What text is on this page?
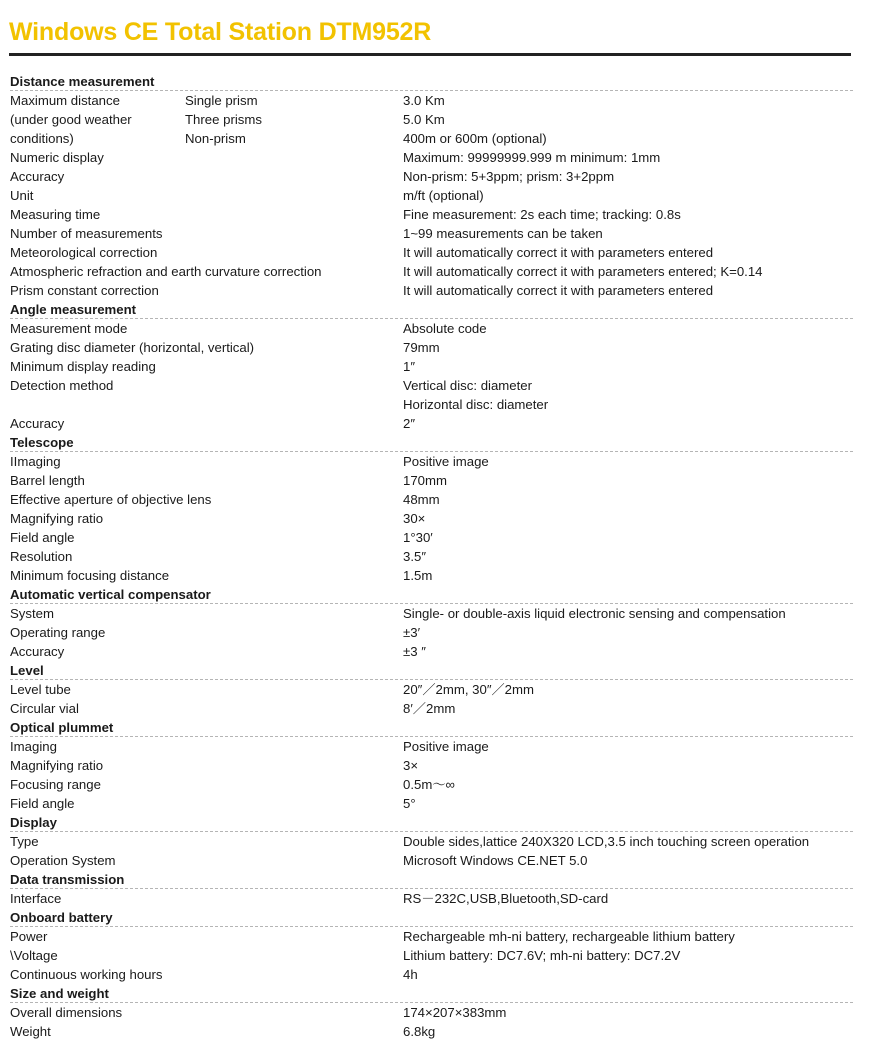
Windows CE Total Station DTM952R
Distance measurement
Maximum distance	Single prism	3.0 Km
(under good weather	Three prisms	5.0 Km
conditions)	Non-prism	400m or 600m (optional)
Numeric display	Maximum: 99999999.999 m minimum: 1mm
Accuracy	Non-prism: 5+3ppm; prism: 3+2ppm
Unit	m/ft (optional)
Measuring time	Fine measurement: 2s each time; tracking: 0.8s
Number of measurements	1~99 measurements can be taken
Meteorological correction	It will automatically correct it with parameters entered
Atmospheric refraction and earth curvature correction	It will automatically correct it with parameters entered; K=0.14
Prism constant correction	It will automatically correct it with parameters entered
Angle measurement
Measurement mode	Absolute code
Grating disc diameter (horizontal, vertical)	79mm
Minimum display reading	1″
Detection method	Vertical disc: diameter
Horizontal disc: diameter
Accuracy	2″
Telescope
IImaging	Positive image
Barrel length	170mm
Effective aperture of objective lens	48mm
Magnifying ratio	30×
Field angle	1°30′
Resolution	3.5″
Minimum focusing distance	1.5m
Automatic vertical compensator
System	Single- or double-axis liquid electronic sensing and compensation
Operating range	±3′
Accuracy	±3 ″
Level
Level tube	20″／2mm, 30″／2mm
Circular vial	8′／2mm
Optical plummet
Imaging	Positive image
Magnifying ratio	3×
Focusing range	0.5m～∞
Field angle	5°
Display
Type	Double sides,lattice 240X320 LCD,3.5 inch touching screen operation
Operation System	Microsoft Windows CE.NET 5.0
Data transmission
Interface	RS－232C,USB,Bluetooth,SD-card
Onboard battery
Power	Rechargeable mh-ni battery, rechargeable lithium battery
\Voltage	Lithium battery: DC7.6V; mh-ni battery: DC7.2V
Continuous working hours	4h
Size and weight
Overall dimensions	174×207×383mm
Weight	6.8kg
